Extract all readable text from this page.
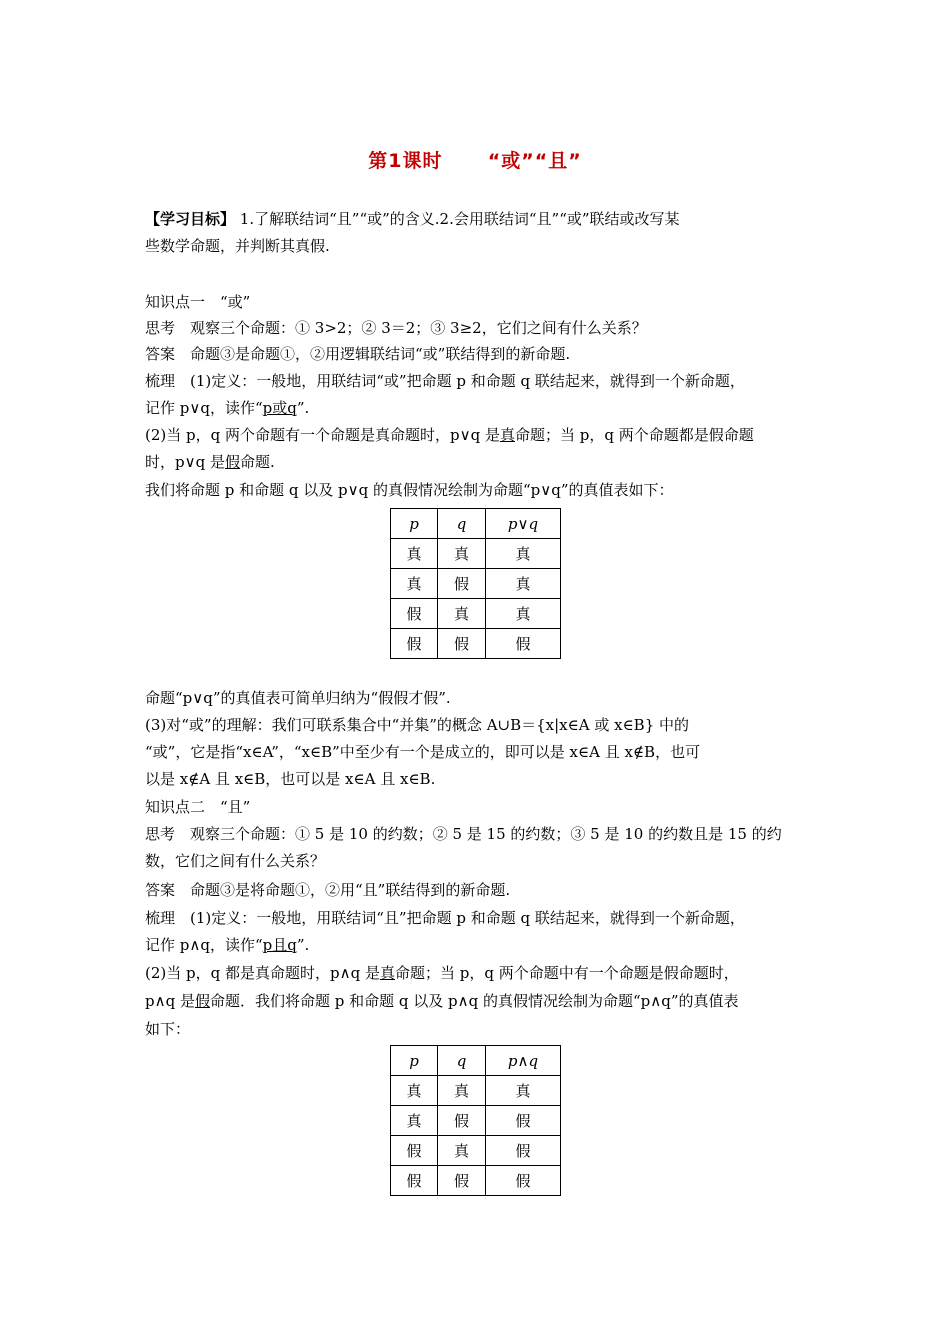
第1课时 “或”“且”
【学习目标】 1.了解联结词“且”“或”的含义.2.会用联结词“且”“或”联结或改写某
些数学命题，并判断其真假.
知识点一　“或”
思考　观察三个命题：① 3>2；② 3＝2；③ 3≥2，它们之间有什么关系？
答案　命题③是命题①，②用逻辑联结词“或”联结得到的新命题.
梳理　(1)定义：一般地，用联结词“或”把命题 p 和命题 q 联结起来，就得到一个新命题，
记作 p∨q，读作“p或q”.
(2)当 p，q 两个命题有一个命题是真命题时，p∨q 是真命题；当 p，q 两个命题都是假命题
时，p∨q 是假命题.
我们将命题 p 和命题 q 以及 p∨q 的真假情况绘制为命题“p∨q”的真值表如下：
p	q	p∨q
真	真	真
真	假	真
假	真	真
假	假	假
命题“p∨q”的真值表可简单归纳为“假假才假”.
(3)对“或”的理解：我们可联系集合中“并集”的概念 A∪B＝{x|x∈A 或 x∈B} 中的
“或”，它是指“x∈A”，“x∈B”中至少有一个是成立的，即可以是 x∈A 且 x∉B，也可
以是 x∉A 且 x∈B，也可以是 x∈A 且 x∈B.
知识点二　“且”
思考　观察三个命题：① 5 是 10 的约数；② 5 是 15 的约数；③ 5 是 10 的约数且是 15 的约
数，它们之间有什么关系？
答案　命题③是将命题①，②用“且”联结得到的新命题.
梳理　(1)定义：一般地，用联结词“且”把命题 p 和命题 q 联结起来，就得到一个新命题，
记作 p∧q，读作“p且q”.
(2)当 p，q 都是真命题时，p∧q 是真命题；当 p，q 两个命题中有一个命题是假命题时，
p∧q 是假命题．我们将命题 p 和命题 q 以及 p∧q 的真假情况绘制为命题“p∧q”的真值表
如下：
p	q	p∧q
真	真	真
真	假	假
假	真	假
假	假	假
